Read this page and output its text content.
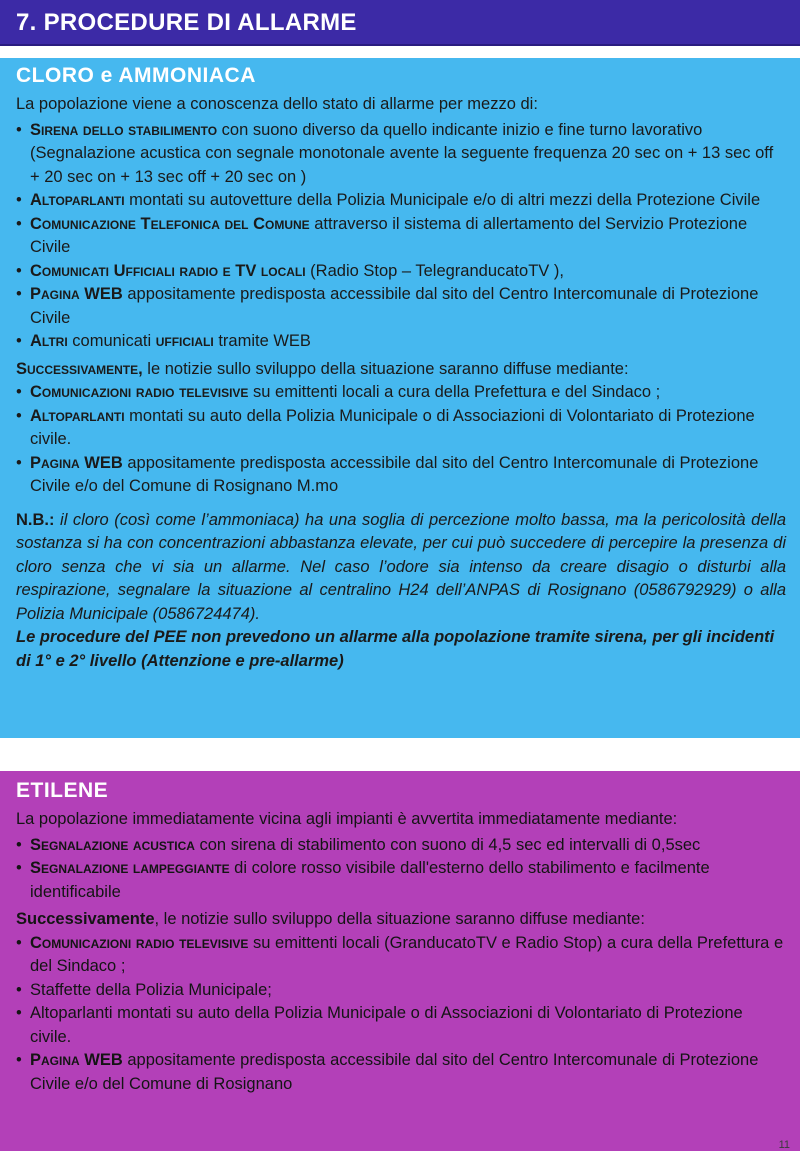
7. PROCEDURE DI ALLARME
CLORO e AMMONIACA

La popolazione viene a conoscenza dello stato di allarme per mezzo di:

• Sirena dello stabilimento con suono diverso da quello indicante inizio e fine turno lavorativo (Segnalazione acustica con segnale monotonale avente la seguente frequenza 20 sec on + 13 sec off + 20 sec on + 13 sec off + 20 sec on )
• Altoparlanti montati su autovetture della Polizia Municipale e/o di altri mezzi della Protezione Civile
• Comunicazione Telefonica del Comune attraverso il sistema di allertamento del Servizio Protezione Civile
• Comunicati Ufficiali radio e TV locali (Radio Stop – TelegranducatoTV ),
• Pagina WEB appositamente predisposta accessibile dal sito del Centro Intercomunale di Protezione Civile
• Altri comunicati ufficiali tramite WEB

Successivamente, le notizie sullo sviluppo della situazione saranno diffuse mediante:

• Comunicazioni radio televisive su emittenti locali a cura della Prefettura e del Sindaco ;
• Altoparlanti montati su auto della Polizia Municipale o di Associazioni di Volontariato di Protezione civile.
• Pagina WEB appositamente predisposta accessibile dal sito del Centro Intercomunale di Protezione Civile e/o del Comune di Rosignano M.mo

N.B.: il cloro (così come l’ammoniaca) ha una soglia di percezione molto bassa, ma la pericolosità della sostanza si ha con concentrazioni abbastanza elevate, per cui può succedere di percepire la presenza di cloro senza che vi sia un allarme. Nel caso l’odore sia intenso da creare disagio o disturbi alla respirazione, segnalare la situazione al centralino H24 dell’ANPAS di Rosignano (0586792929) o alla Polizia Municipale (0586724474).

Le procedure del PEE non prevedono un allarme alla popolazione tramite sirena, per gli incidenti di 1° e 2° livello (Attenzione e pre-allarme)

ETILENE

La popolazione immediatamente vicina agli impianti è avvertita immediatamente mediante:

• Segnalazione acustica con sirena di stabilimento con suono di 4,5 sec ed intervalli di 0,5sec
• Segnalazione lampeggiante di colore rosso visibile dall'esterno dello stabilimento e facilmente identificabile

Successivamente, le notizie sullo sviluppo della situazione saranno diffuse mediante:

• Comunicazioni radio televisive su emittenti locali (GranducatoTV e Radio Stop) a cura della Prefettura e del Sindaco ;
• Staffette della Polizia Municipale;
• Altoparlanti montati su auto della Polizia Municipale o di Associazioni di Volontariato di Protezione civile.
• Pagina WEB appositamente predisposta accessibile dal sito del Centro Intercomunale di Protezione Civile e/o del Comune di Rosignano
11
